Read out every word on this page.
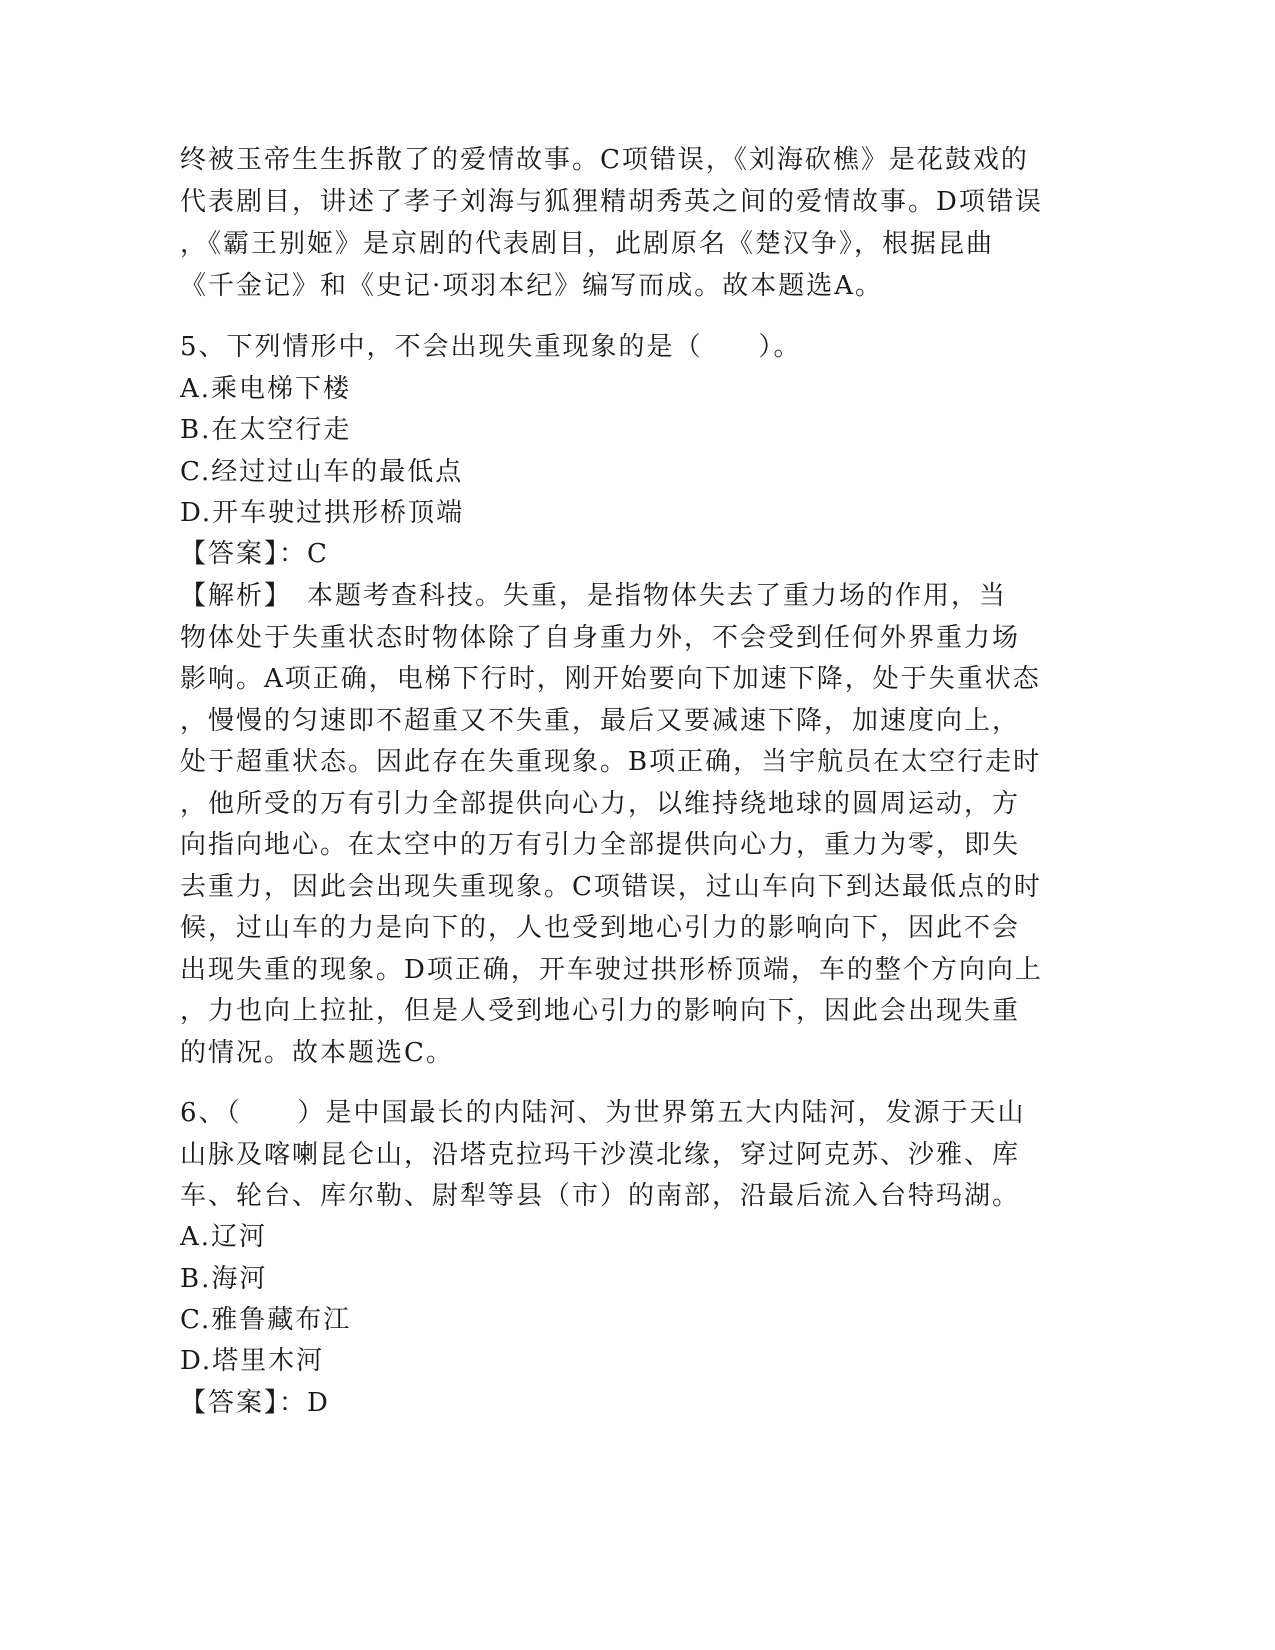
终被玉帝生生拆散了的爱情故事。C项错误，《刘海砍樵》是花鼓戏的
代表剧目，讲述了孝子刘海与狐狸精胡秀英之间的爱情故事。D项错误
，《霸王别姬》是京剧的代表剧目，此剧原名《楚汉争》，根据昆曲
《千金记》和《史记·项羽本纪》编写而成。故本题选A。
5、下列情形中，不会出现失重现象的是（　　）。
A.乘电梯下楼
B.在太空行走
C.经过过山车的最低点
D.开车驶过拱形桥顶端
【答案】：C
【解析】　本题考查科技。失重，是指物体失去了重力场的作用，当
物体处于失重状态时物体除了自身重力外，不会受到任何外界重力场
影响。A项正确，电梯下行时，刚开始要向下加速下降，处于失重状态
，慢慢的匀速即不超重又不失重，最后又要减速下降，加速度向上，
处于超重状态。因此存在失重现象。B项正确，当宇航员在太空行走时
，他所受的万有引力全部提供向心力，以维持绕地球的圆周运动，方
向指向地心。在太空中的万有引力全部提供向心力，重力为零，即失
去重力，因此会出现失重现象。C项错误，过山车向下到达最低点的时
候，过山车的力是向下的，人也受到地心引力的影响向下，因此不会
出现失重的现象。D项正确，开车驶过拱形桥顶端，车的整个方向向上
，力也向上拉扯，但是人受到地心引力的影响向下，因此会出现失重
的情况。故本题选C。
6、（　　）是中国最长的内陆河、为世界第五大内陆河，发源于天山
山脉及喀喇昆仑山，沿塔克拉玛干沙漠北缘，穿过阿克苏、沙雅、库
车、轮台、库尔勒、尉犁等县（市）的南部，沿最后流入台特玛湖。
A.辽河
B.海河
C.雅鲁藏布江
D.塔里木河
【答案】：D
